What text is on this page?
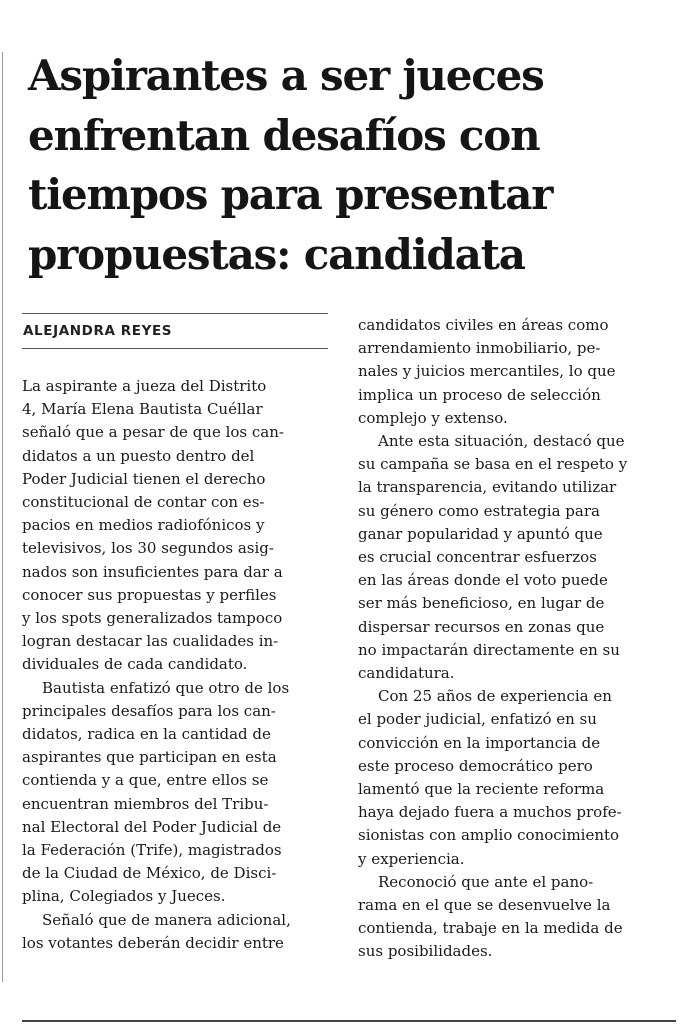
Aspirantes a ser jueces
enfrentan desafíos con
tiempos para presentar
propuestas: candidata
ALEJANDRA REYES
La aspirante a jueza del Distrito
4, María Elena Bautista Cuéllar
señaló que a pesar de que los can-
didatos a un puesto dentro del
Poder Judicial tienen el derecho
constitucional de contar con es-
pacios en medios radiofónicos y
televisivos, los 30 segundos asig-
nados son insuficientes para dar a
conocer sus propuestas y perfiles
y los spots generalizados tampoco
logran destacar las cualidades in-
dividuales de cada candidato.
Bautista enfatizó que otro de los
principales desafíos para los can-
didatos, radica en la cantidad de
aspirantes que participan en esta
contienda y a que, entre ellos se
encuentran miembros del Tribu-
nal Electoral del Poder Judicial de
la Federación (Trife), magistrados
de la Ciudad de México, de Disci-
plina, Colegiados y Jueces.
Señaló que de manera adicional,
los votantes deberán decidir entre
candidatos civiles en áreas como
arrendamiento inmobiliario, pe-
nales y juicios mercantiles, lo que
implica un proceso de selección
complejo y extenso.
Ante esta situación, destacó que
su campaña se basa en el respeto y
la transparencia, evitando utilizar
su género como estrategia para
ganar popularidad y apuntó que
es crucial concentrar esfuerzos
en las áreas donde el voto puede
ser más beneficioso, en lugar de
dispersar recursos en zonas que
no impactarán directamente en su
candidatura.
Con 25 años de experiencia en
el poder judicial, enfatizó en su
convicción en la importancia de
este proceso democrático pero
lamentó que la reciente reforma
haya dejado fuera a muchos profe-
sionistas con amplio conocimiento
y experiencia.
Reconoció que ante el pano-
rama en el que se desenvuelve la
contienda, trabaje en la medida de
sus posibilidades.
